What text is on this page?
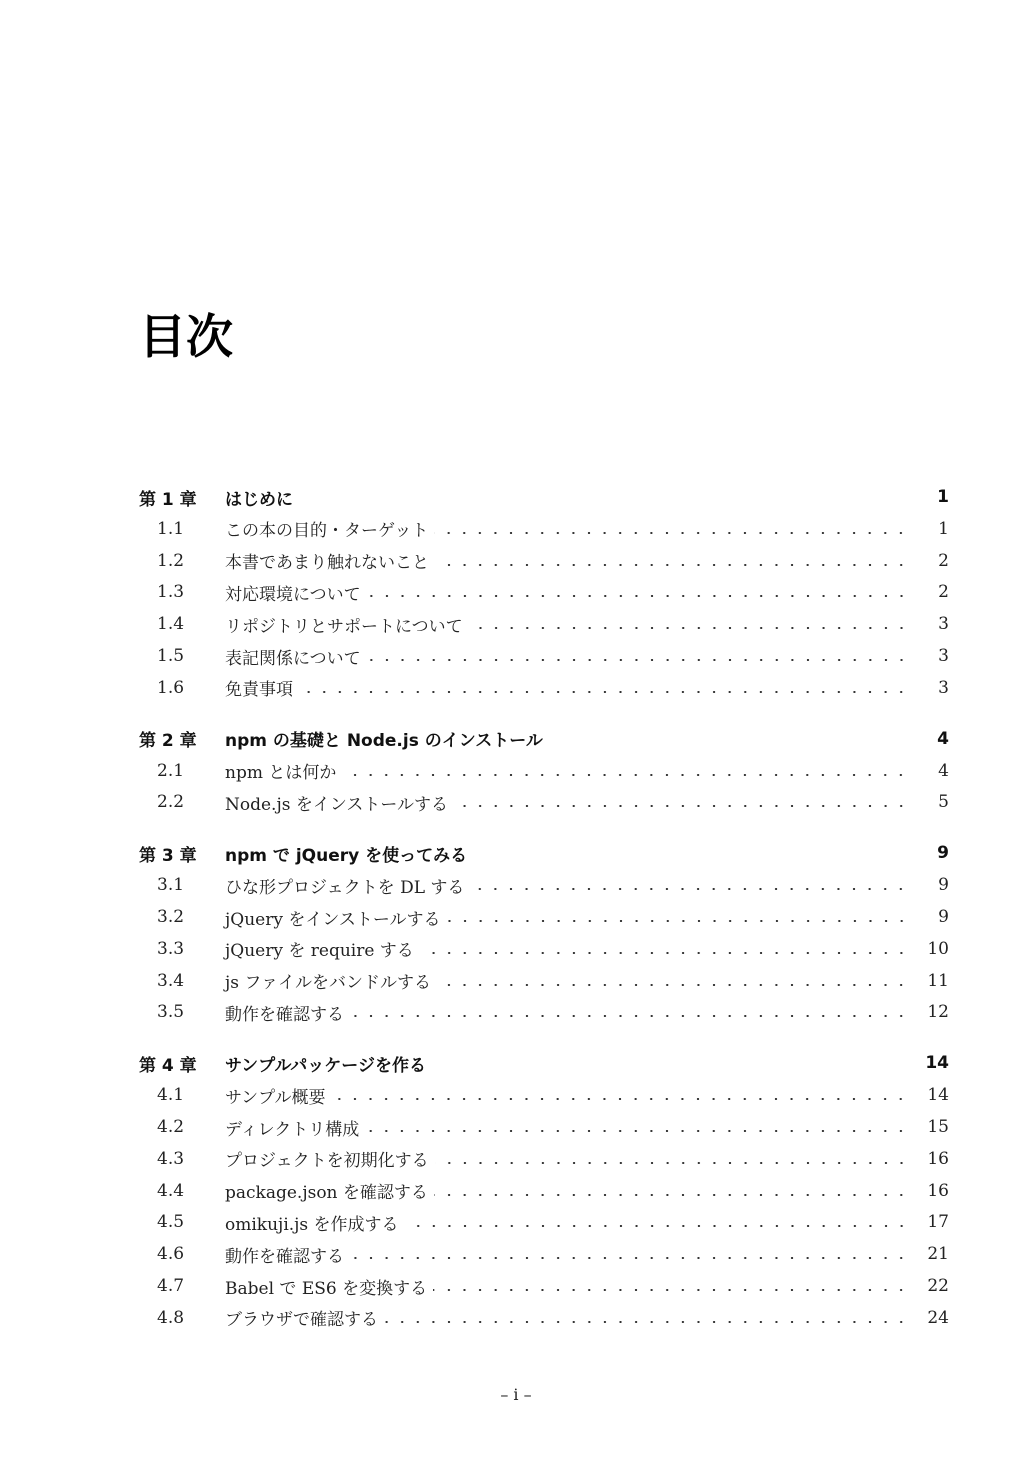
目次
第 1 章	はじめに	1
1.1	この本の目的・ターゲット	1
1.2	本書であまり触れないこと	2
1.3	対応環境について	2
1.4	リポジトリとサポートについて	3
1.5	表記関係について	3
1.6	免責事項	3
第 2 章	npm の基礎と Node.js のインストール	4
2.1	npm とは何か	4
2.2	Node.js をインストールする	5
第 3 章	npm で jQuery を使ってみる	9
3.1	ひな形プロジェクトを DL する	9
3.2	jQuery をインストールする	9
3.3	jQuery を require する	10
3.4	js ファイルをバンドルする	11
3.5	動作を確認する	12
第 4 章	サンプルパッケージを作る	14
4.1	サンプル概要	14
4.2	ディレクトリ構成	15
4.3	プロジェクトを初期化する	16
4.4	package.json を確認する	16
4.5	omikuji.js を作成する	17
4.6	動作を確認する	21
4.7	Babel で ES6 を変換する	22
4.8	ブラウザで確認する	24
– i –
